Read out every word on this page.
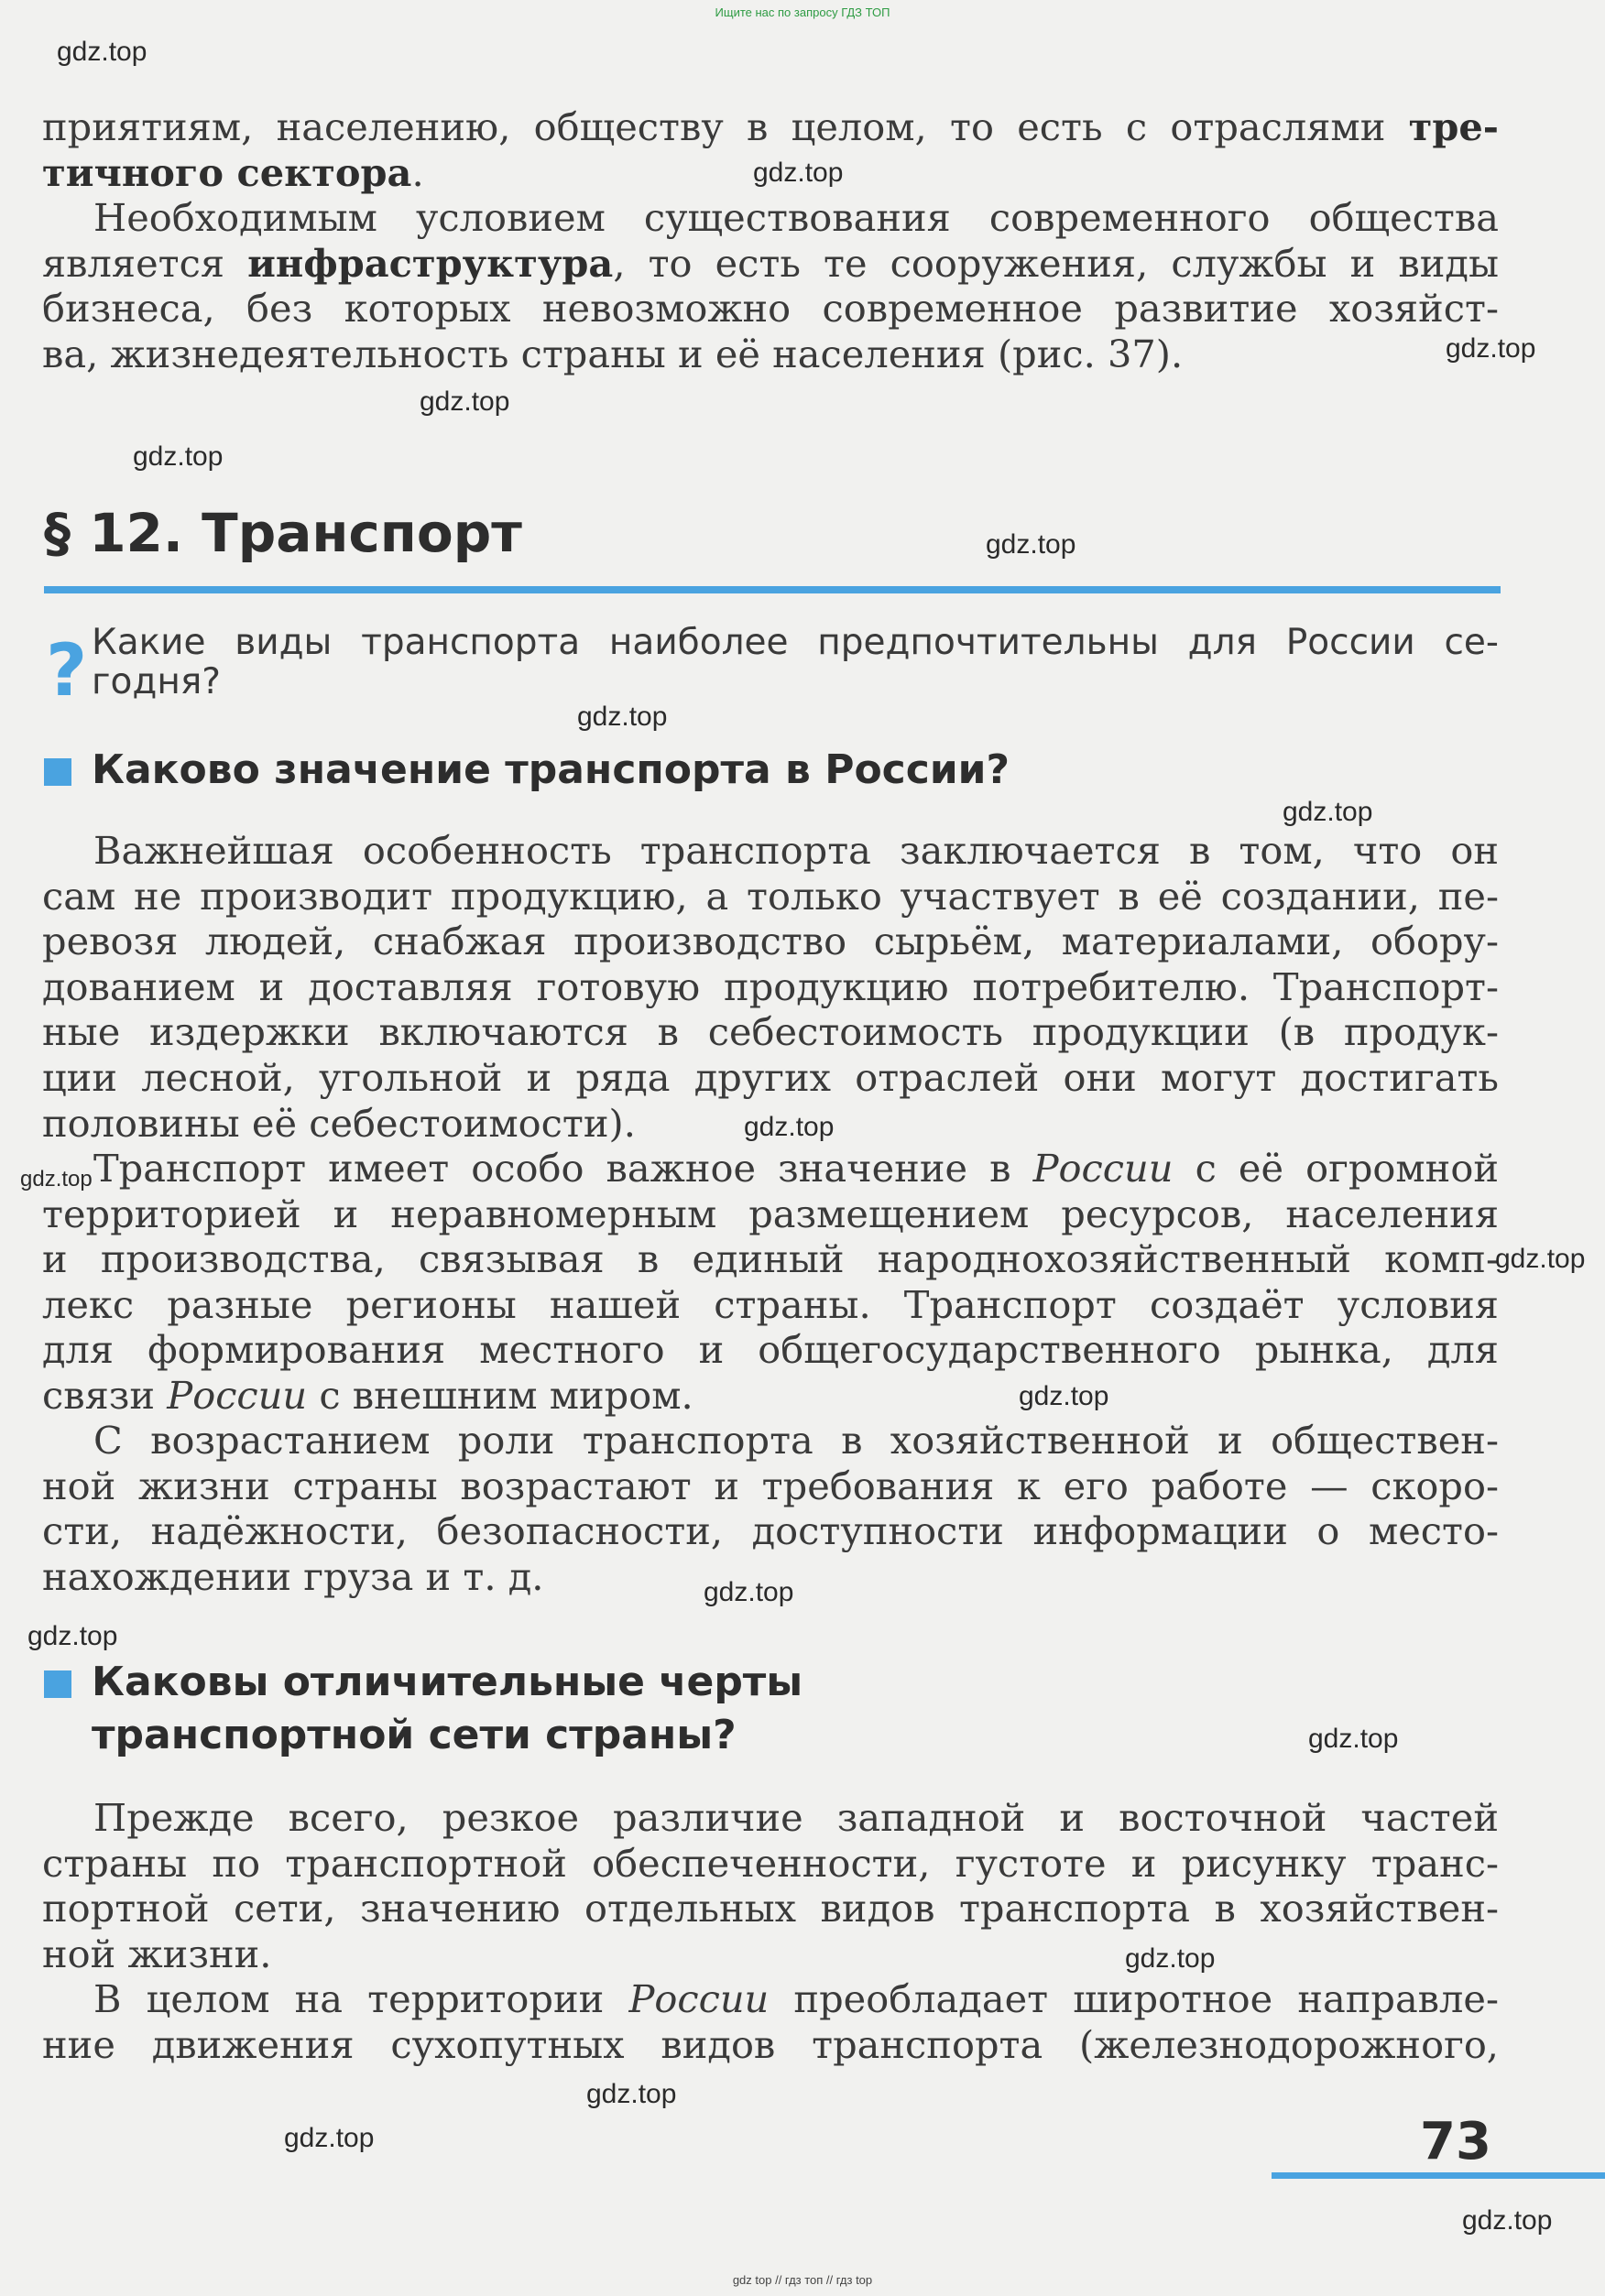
Ищите нас по запросу ГДЗ ТОП
приятиям, населению, обществу в целом, то есть с отраслями тре-
тичного сектора.
Необходимым условием существования современного общества
является инфраструктура, то есть те сооружения, службы и виды
бизнеса, без которых невозможно современное развитие хозяйст-
ва, жизнедеятельность страны и её населения (рис. 37).
§ 12. Транспорт
? Какие виды транспорта наиболее предпочтительны для России се-
годня?
Каково значение транспорта в России?
Важнейшая особенность транспорта заключается в том, что он
сам не производит продукцию, а только участвует в её создании, пе-
ревозя людей, снабжая производство сырьём, материалами, обору-
дованием и доставляя готовую продукцию потребителю. Транспорт-
ные издержки включаются в себестоимость продукции (в продук-
ции лесной, угольной и ряда других отраслей они могут достигать
половины её себестоимости).
Транспорт имеет особо важное значение в России с её огромной
территорией и неравномерным размещением ресурсов, населения
и производства, связывая в единый народнохозяйственный комп-
лекс разные регионы нашей страны. Транспорт создаёт условия
для формирования местного и общегосударственного рынка, для
связи России с внешним миром.
С возрастанием роли транспорта в хозяйственной и обществен-
ной жизни страны возрастают и требования к его работе — скоро-
сти, надёжности, безопасности, доступности информации о место-
нахождении груза и т. д.
Каковы отличительные черты
транспортной сети страны?
Прежде всего, резкое различие западной и восточной частей
страны по транспортной обеспеченности, густоте и рисунку транс-
портной сети, значению отдельных видов транспорта в хозяйствен-
ной жизни.
В целом на территории России преобладает широтное направле-
ние движения сухопутных видов транспорта (железнодорожного,
73
gdz.top
gdz.top
gdz.top
gdz.top
gdz.top
gdz.top
gdz.top
gdz.top
gdz.top
gdz.top
gdz.top
gdz.top
gdz.top
gdz.top
gdz.top
gdz.top
gdz.top
gdz.top
gdz.top
gdz top // гдз топ // гдз top
